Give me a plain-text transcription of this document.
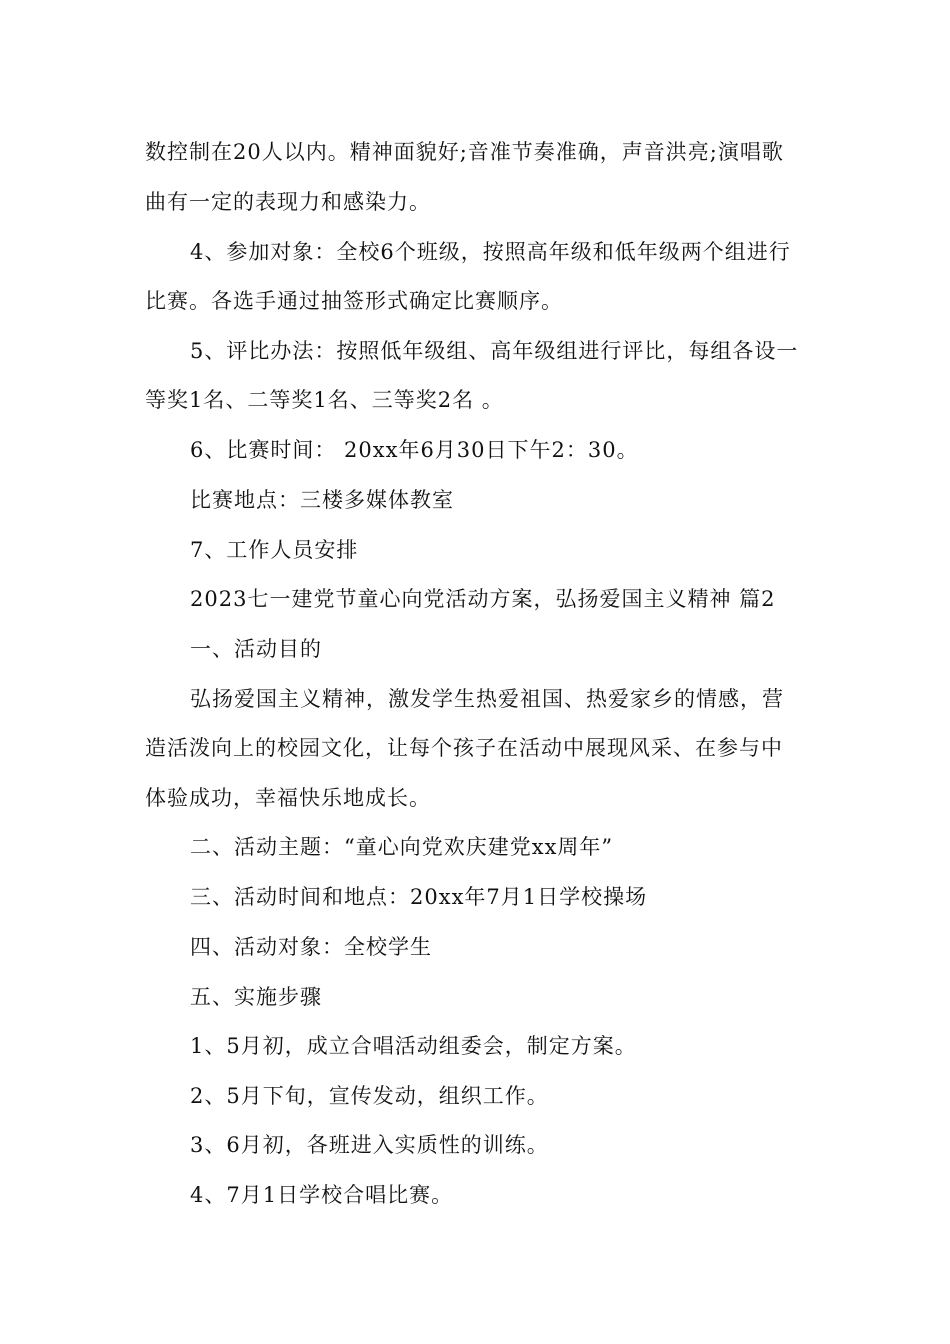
数控制在20人以内。精神面貌好;音准节奏准确，声音洪亮;演唱歌
曲有一定的表现力和感染力。
4、参加对象：全校6个班级，按照高年级和低年级两个组进行
比赛。各选手通过抽签形式确定比赛顺序。
5、评比办法：按照低年级组、高年级组进行评比，每组各设一
等奖1名、二等奖1名、三等奖2名 。
6、比赛时间： 20xx年6月30日下午2：30。
比赛地点：三楼多媒体教室
7、工作人员安排
2023七一建党节童心向党活动方案，弘扬爱国主义精神 篇2
一、活动目的
弘扬爱国主义精神，激发学生热爱祖国、热爱家乡的情感，营
造活泼向上的校园文化，让每个孩子在活动中展现风采、在参与中
体验成功，幸福快乐地成长。
二、活动主题：“童心向党欢庆建党xx周年”
三、活动时间和地点：20xx年7月1日学校操场
四、活动对象：全校学生
五、实施步骤
1、5月初，成立合唱活动组委会，制定方案。
2、5月下旬，宣传发动，组织工作。
3、6月初，各班进入实质性的训练。
4、7月1日学校合唱比赛。
